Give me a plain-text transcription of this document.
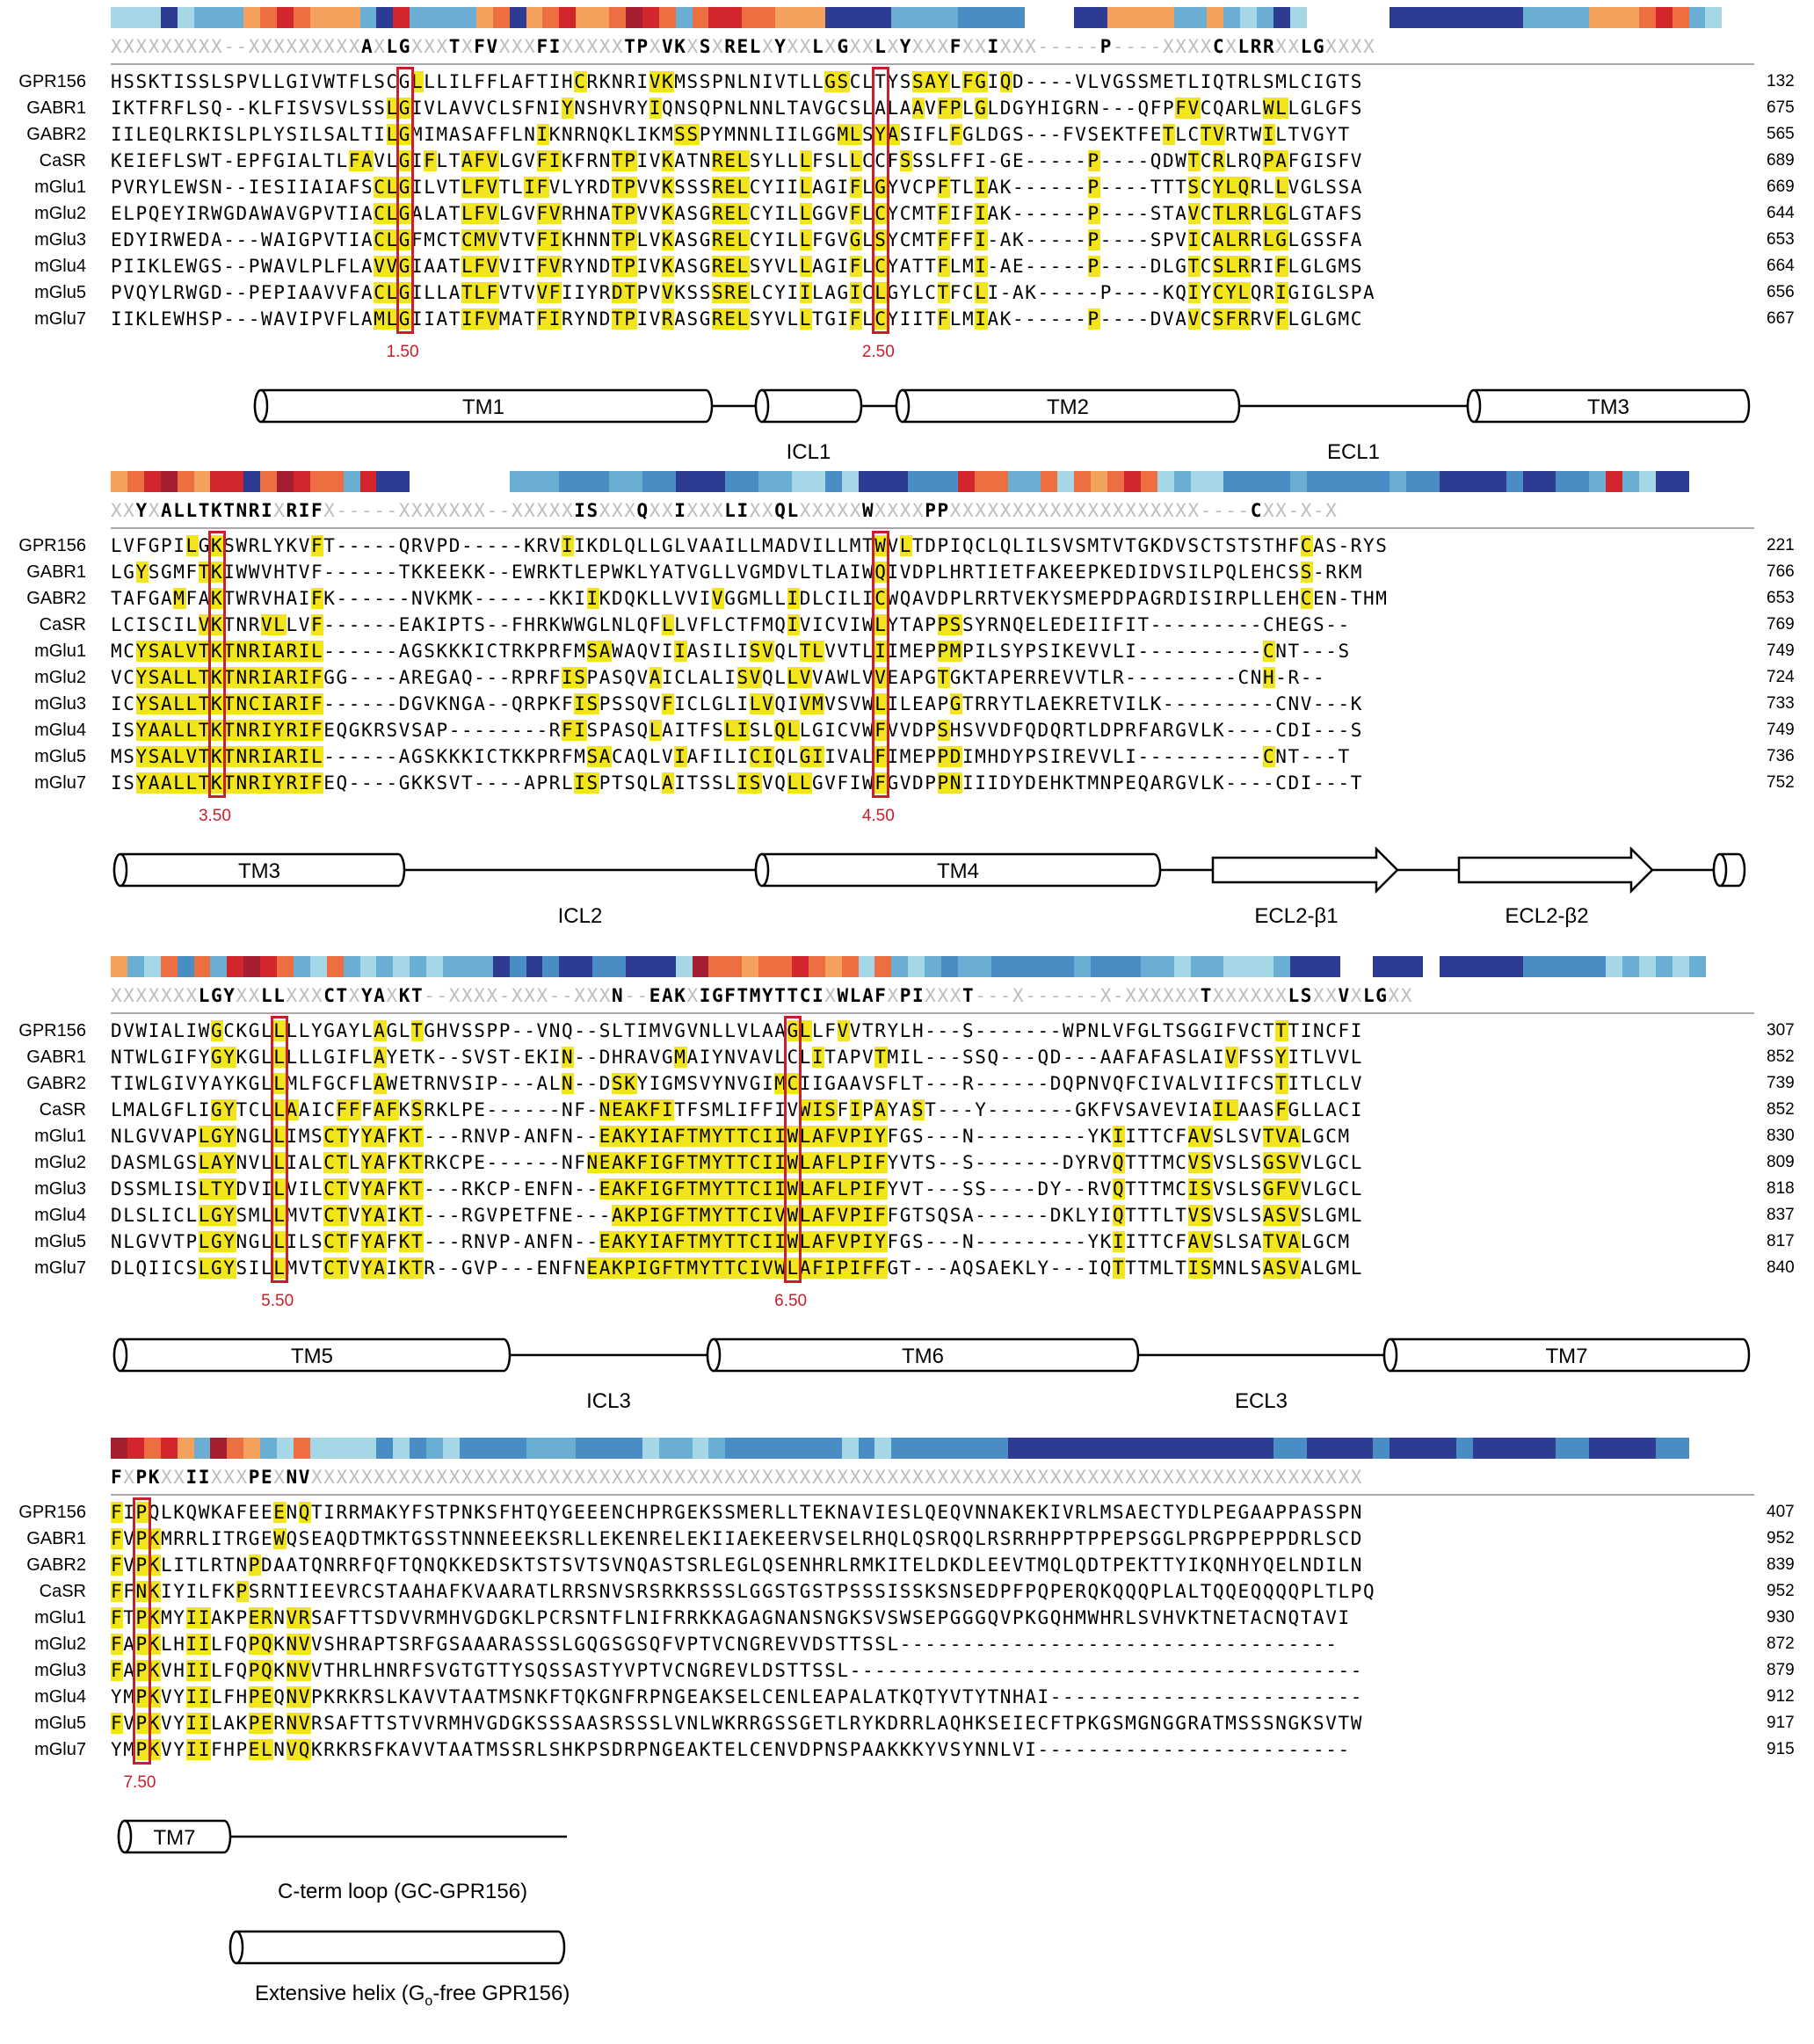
XXXXXXXXX--XXXXXXXXXAXLGXXXTXFVXXXFIXXXXXTPXVKXSXRELXYXXLXGXXLXYXXXFXXIXXX-----P----XXXXCXLRRXXLGXXXX
GPR156 HSSKTISSLSPVLLGIVWTFLSCGLLLILFFLAFTIHCRKNRIVKMSSPNLNIVTLLGSCLTYSSAYLFGIQD----VLVGSSMETLIQTRLSMLCIGTS	132
GABR1 IKTFRFLSQ--KLFISVSVLSSLGIVLAVVCLSFNIYNSHVRYIQNSQPNLNNLTAVGCSLALAAVFPLGLDGYHIGRN---QFPFVCQARLWLLGLGFS	675
GABR2 IILEQLRKISLPLYSILSALTILGMIMASAFFLNIKNRNQKLIKMSSPYMNNLIILGGMLSYASIFLFGLDGS---FVSEKTFETLCTVRTWILTVGYT	565
CaSR KEIEFLSWT-EPFGIALTLFAVLGIFLTAFVLGVFIKFRNTPIVKATNRELSYLLLFSLLCCFSSSLFFI-GE-----P----QDWTCRLRQPAFGISFV	689
mGlu1 PVRYLEWSN--IESIIAIAFSCLGILVTLFVTLIFVLYRDTPVVKSSSRELCYIILAGIFLGYVCPFTLIAK------P----TTTSCYLQRLLVGLSSA	669
mGlu2 ELPQEYIRWGDAWAVGPVTIACLGALATLFVLGVFVRHNATPVVKASGRELCYILLGGVFLCYCMTFIFIAK------P----STAVCTLRRLGLGTAFS	644
mGlu3 EDYIRWEDA---WAIGPVTIACLGFMCTCMVVTVFIKHNNTPLVKASGRELCYILLFGVGLSYCMTFFFI-AK-----P----SPVICALRRLGLGSSFA	653
mGlu4 PIIKLEWGS--PWAVLPLFLAVVGIAATLFVVITFVRYNDTPIVKASGRELSYVLLAGIFLCYATTFLMI-AE-----P----DLGTCSLRRIFLGLGMS	664
mGlu5 PVQYLRWGD--PEPIAAVVFACLGILLATLFVTVVFIIYRDTPVVKSSSRELCYIILAGICLGYLCTFCLI-AK-----P----KQIYCYLQRIGIGLSPA	656
mGlu7 IIKLEWHSP---WAVIPVFLAMLGIIATIFVMATFIRYNDTPIVRASGRELSYVLLTGIFLCYIITFLMIAK------P----DVAVCSFRRVFLGLGMC	667
1.50	2.50
TM1
ICL1
TM2
ECL1
TM3
XXYXALLTKTNRIXRIFX-----XXXXXXX--XXXXXISXXXQXXIXXXLIXXQLXXXXXWXXXXPPXXXXXXXXXXXXXXXXXXXX----CXX-X-X
GPR156 LVFGPILGKSWRLYKVFT-----QRVPD-----KRVIIKDLQLLGLVAAILLMADVILLMTWVLTDPIQCLQLILSVSMTVTGKDVSCTSTSTHFCAS-RYS	221
GABR1 LGYSGMFTKIWWVHTVF------TKKEEKK--EWRKTLEPWKLYATVGLLVGMDVLTLAIWQIVDPLHRTIETFAKEEPKEDIDVSILPQLEHCSS-RKM	766
GABR2 TAFGAMFAKTWRVHAIFK------NVKMK------KKIIKDQKLLVVIVGGMLLIDLCILICWQAVDPLRRTVEKYSMEPDPAGRDISIRPLLEHCEN-THM	653
CaSR LCISCILVKTNRVLLVF------EAKIPTS--FHRKWWGLNLQFLLVFLCTFMQIVICVIWLYTAPPSSYRNQELEDEIIFIT---------CHEGS--	769
mGlu1 MCYSALVTKTNRIARIL------AGSKKKICTRKPRFMSAWAQVIIASILISVQLTLVVTLIIMEPPMPILSYPSIKEVVLI----------CNT---S	749
mGlu2 VCYSALLTKTNRIARIFGG----AREGAQ---RPRFISPASQVAICLALISVQLLVVAWLVVEAPGTGKTAPERREVVTLR---------CNH-R--	724
mGlu3 ICYSALLTKTNCIARIF------DGVKNGA--QRPKFISPSSQVFICLGLILVQIVMVSVWLILEAPGTRRYTLAEKRETVILK---------CNV---K	733
mGlu4 ISYAALLTKTNRIYRIFEQGKRSVSAP--------RFISPASQLAITFSLISLQLLGICVWFVVDPSHSVVDFQDQRTLDPRFARGVLK----CDI---S	749
mGlu5 MSYSALVTKTNRIARIL------AGSKKKICTKKPRFMSACAQLVIAFILICIQLGIIVALFIMEPPDIMHDYPSIREVVLI----------CNT---T	736
mGlu7 ISYAALLTKTNRIYRIFEQ----GKKSVT----APRLISPTSQLAITSSLISVQLLGVFIWFGVDPPNIIIDYDEHKTMNPEQARGVLK----CDI---T	752
3.50	4.50
TM3
ICL2
TM4
ECL2-β1	ECL2-β2
XXXXXXXLGYXXLLXXXCTXYAXKT--XXXX-XXX--XXXN--EAKXIGFTMYTTCIXWLAFXPIXXXT---X------X-XXXXXXTXXXXXXLSXXVXLGXX
GPR156 DVWIALIWGCKGLLLLYGAYLAGLTGHVSSPP--VNQ--SLTIMVGVNLLVLAAGLLFVVTRYLH---S-------WPNLVFGLTSGGIFVCTTTINCFI	307
GABR1 NTWLGIFYGYKGLLLLLGIFLAYETK--SVST-EKIN--DHRAVGMAIYNVAVLCLITAPVTMIL---SSQ---QD---AAFAFASLAIVFSSYITLVVL	852
GABR2 TIWLGIVYAYKGLLMLFGCFLAWETRNVSIP---ALN--DSKYIGMSVYNVGIMCIIGAAVSFLT---R------DQPNVQFCIVALVIIFCSTITLCLV	739
CaSR LMALGFLIGYTCLLAAICFFFAFKSRKLPE------NF-NEAKFITFSMLIFFIVWISFIPAYAST---Y-------GKFVSAVEVIAILAASFGLLACI	852
mGlu1 NLGVVAPLGYNGLLIMSCTYYAFKT---RNVP-ANFN--EAKYIAFTMYTTCIIWLAFVPIYFGS---N---------YKIITTCFAVSLSVTVALGCM	830
mGlu2 DASMLGSLAYNVLLIALCTLYAFKTRKCPE------NFNEAKFIGFTMYTTCIIWLAFLPIFYVTS--S-------DYRVQTTTMCVSVSLSGSVVLGCL	809
mGlu3 DSSMLISLTYDVILVILCTVYAFKT---RKCP-ENFN--EAKFIGFTMYTTCIIWLAFLPIFYVT---SS----DY--RVQTTTMCISVSLSGFVVLGCL	818
mGlu4 DLSLICLLGYSMLLMVTCTVYAIKT---RGVPETFNE---AKPIGFTMYTTCIVWLAFVPIFFGTSQSA------DKLYIQTTTLTVSVSLSASVSLGML	837
mGlu5 NLGVVTPLGYNGLLILSCTFYAFKT---RNVP-ANFN--EAKYIAFTMYTTCIIWLAFVPIYFGS---N---------YKIITTCFAVSLSATVALGCM	817
mGlu7 DLQIICSLGYSILLMVTCTVYAIKTR--GVP---ENFNEAKPIGFTMYTTCIVWLAFIPIFFGT---AQSAEKLY---IQTTTMLTISMNLSASVALGML	840
5.50	6.50
TM5
ICL3
TM6
ECL3
TM7
FXPKXXIIXXXPEXNVXXXXXXXXXXXXXXXXXXXXXXXXXXXXXXXXXXXXXXXXXXXXXXXXXXXXXXXXXXXXXXXXXXXXXXXXXXXXXXXXXXXX
GPR156 FIPQLKQWKAFEEENQTIRRMAKYFSTPNKSFHTQYGEEENCHPRGEKSSMERLLTEKNAVIESLQEQVNNAKEKIVRLMSAECTYDLPEGAAPPASSPN	407
GABR1 FVPKMRRLITRGEWQSEAQDTMKTGSSTNNNEEEKSRLLEKENRELEKIIAEKEERVSELRHQLQSRQQLRSRRHPPTPPEPSGGLPRGPPEPPDRLSCD	952
GABR2 FVPKLITLRTNPDAATQNRRFQFTQNQKKEDSKTSTSVTSVNQASTSRLEGLQSENHRLRMKITELDKDLEEVTMQLQDTPEKTTYIKQNHYQELNDILN	839
CaSR FFNKIYILFKPSRNTIEEVRCSTAAHAFKVAARATLRRSNVSRSRKRSSSLGGSTGSTPSSSISSKSNSEDPFPQPERQKQQQPLALTQQEQQQQPLTLPQ	952
mGlu1 FTPKMYIIAKPERNVRSAFTTSDVVRMHVGDGKLPCRSNTFLNIFRRKKAGAGNANSNGKSVSWSEPGGGQVPKGQHMWHRLSVHVKTNETACNQTAVI	930
mGlu2 FAPKLHIILFQPQKNVVSHRAPTSRFGSAAARASSSLGQGSGSQFVPTVCNGREVVDSTTSSL-----------------------------------	872
mGlu3 FAPKVHIILFQPQKNVVTHRLHNRFSVGTGTTYSQSSASTYVPTVCNGREVLDSTTSSL-----------------------------------------	879
mGlu4 YMPKVYIILFHPEQNVPKRKRSLKAVVTAATMSNKFTQKGNFRPNGEAKSELCENLEAPALATKQTYVTYTNHAI-------------------------	912
mGlu5 FVPKVYIILAKPERNVRSAFTTSTVVRMHVGDGKSSSAASRSSSLVNLWKRRGSSGETLRYKDRRLAQHKSEIECFTPKGSMGNGGRATMSSSNGKSVTW	917
mGlu7 YMPKVYIIFHPELNVQKRKRSFKAVVTAATMSSRLSHKPSDRPNGEAKTELCENVDPNSPAAKKKYVSYNNLVI-------------------------	915
7.50
TM7
C-term loop (GC-GPR156)
Extensive helix ($G_o$-free GPR156)
